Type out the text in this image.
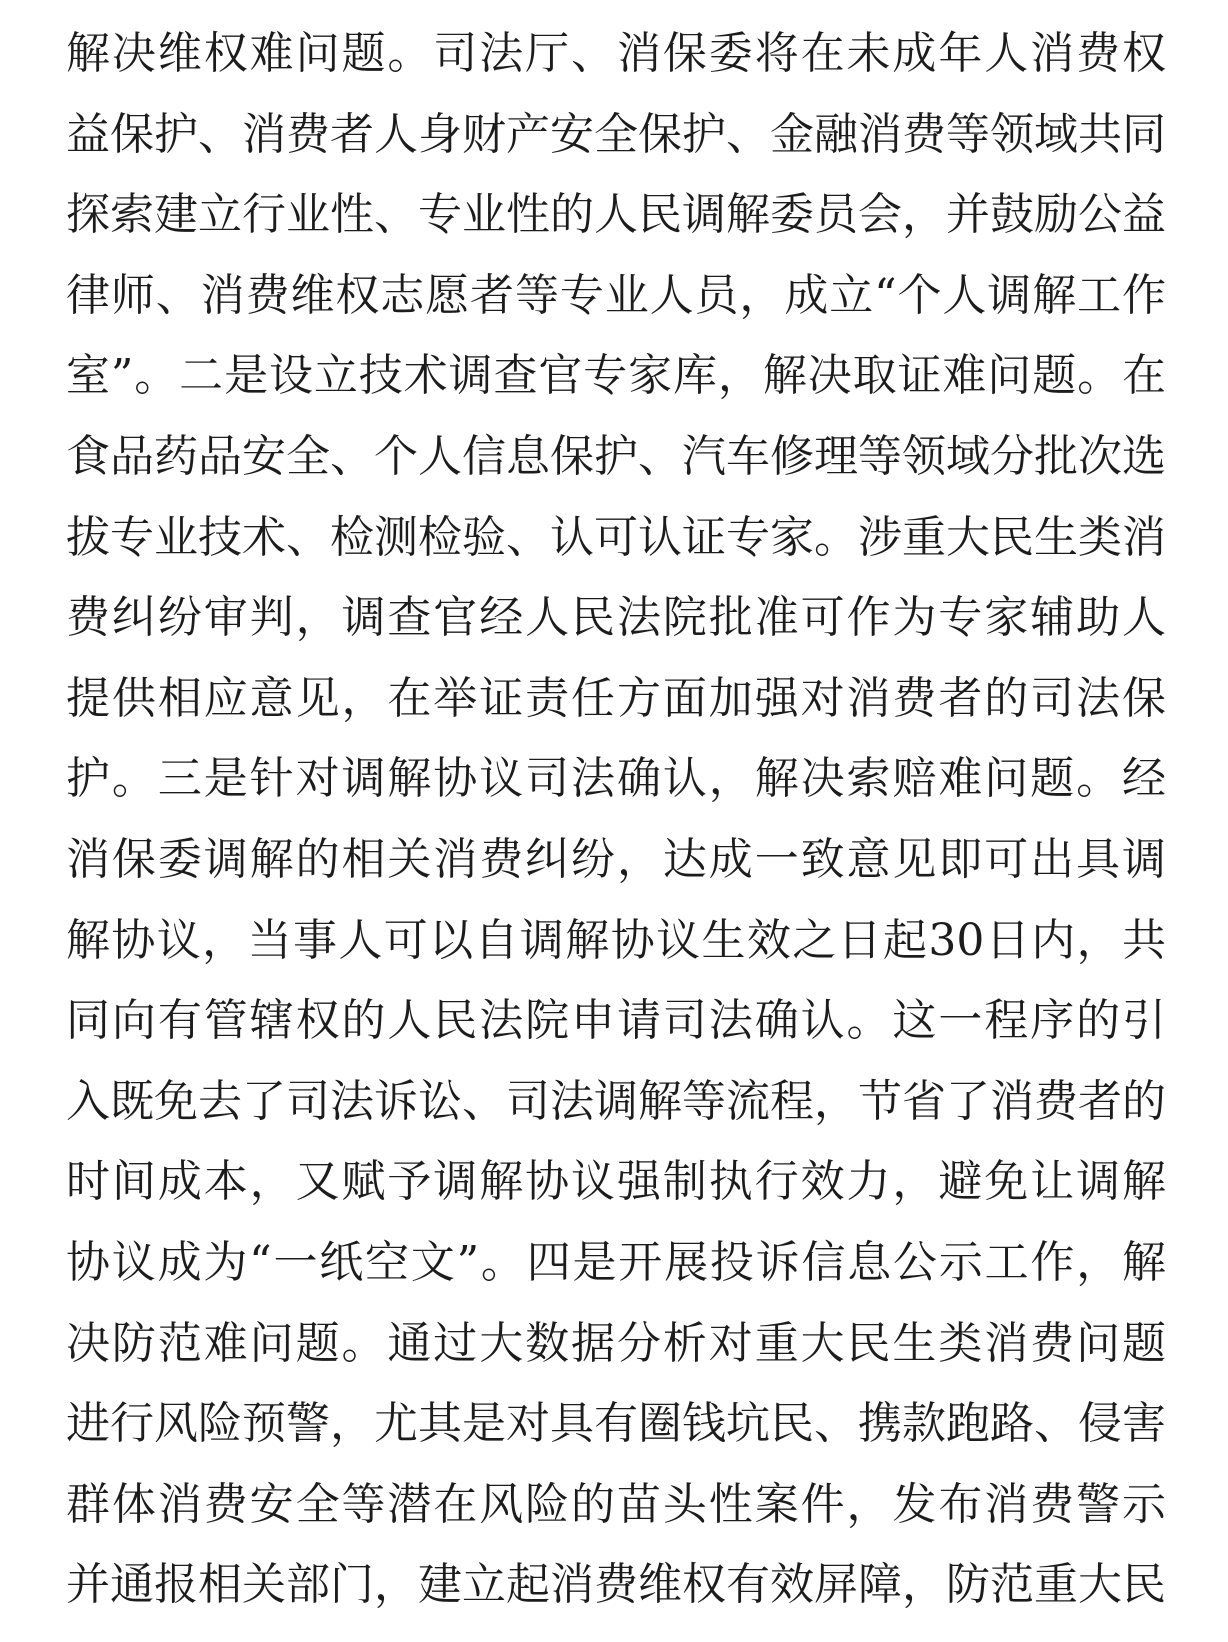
解决维权难问题。司法厅、消保委将在未成年人消费权
益保护、消费者人身财产安全保护、金融消费等领域共同
探索建立行业性、专业性的人民调解委员会，并鼓励公益
律师、消费维权志愿者等专业人员，成立“个人调解工作
室”。二是设立技术调查官专家库，解决取证难问题。在
食品药品安全、个人信息保护、汽车修理等领域分批次选
拔专业技术、检测检验、认可认证专家。涉重大民生类消
费纠纷审判，调查官经人民法院批准可作为专家辅助人
提供相应意见，在举证责任方面加强对消费者的司法保
护。三是针对调解协议司法确认，解决索赔难问题。经
消保委调解的相关消费纠纷，达成一致意见即可出具调
解协议，当事人可以自调解协议生效之日起30日内，共
同向有管辖权的人民法院申请司法确认。这一程序的引
入既免去了司法诉讼、司法调解等流程，节省了消费者的
时间成本，又赋予调解协议强制执行效力，避免让调解
协议成为“一纸空文”。四是开展投诉信息公示工作，解
决防范难问题。通过大数据分析对重大民生类消费问题
进行风险预警，尤其是对具有圈钱坑民、携款跑路、侵害
群体消费安全等潜在风险的苗头性案件，发布消费警示
并通报相关部门，建立起消费维权有效屏障，防范重大民
